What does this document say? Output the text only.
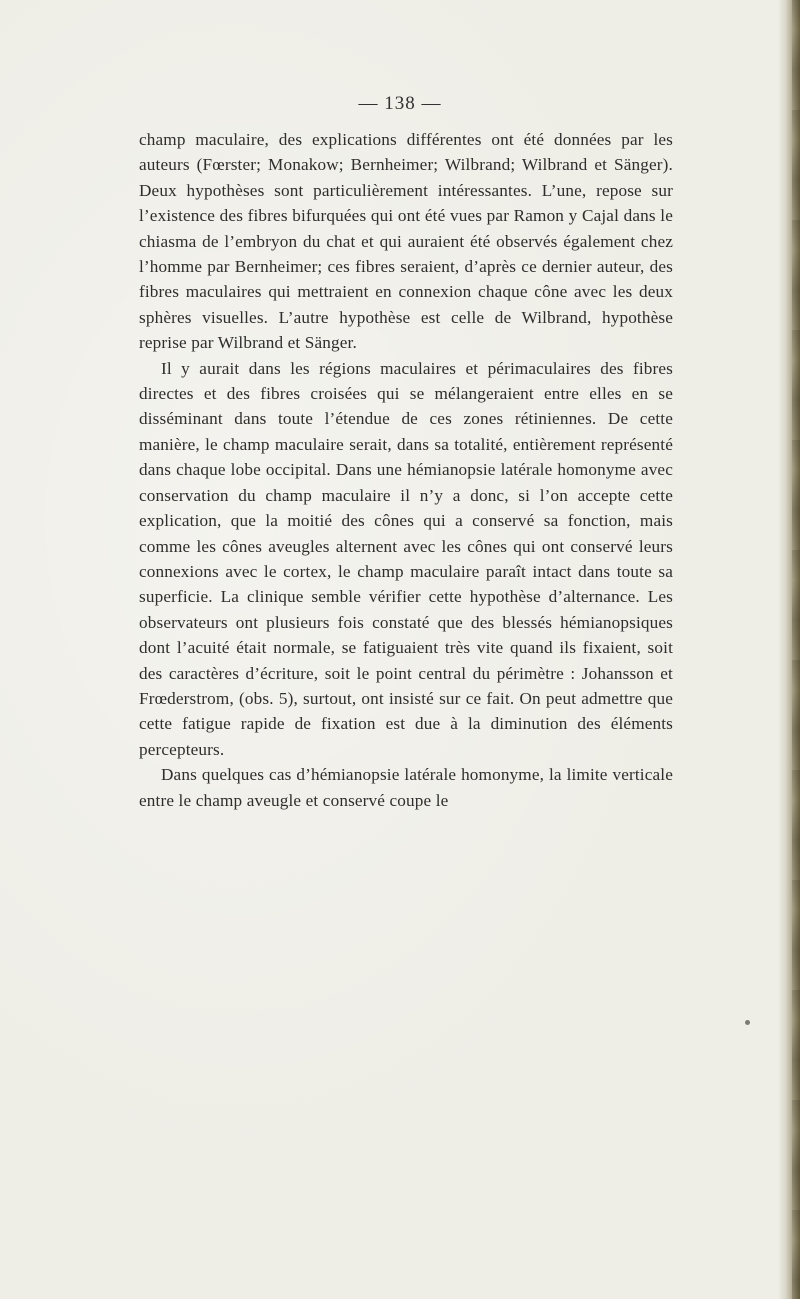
— 138 —

champ maculaire, des explications différentes ont été données par les auteurs (Fœrster; Monakow; Bernheimer; Wilbrand; Wilbrand et Sänger). Deux hypothèses sont particulièrement intéressantes. L’une, repose sur l’existence des fibres bifurquées qui ont été vues par Ramon y Cajal dans le chiasma de l’embryon du chat et qui auraient été observés également chez l’homme par Bernheimer; ces fibres seraient, d’après ce dernier auteur, des fibres maculaires qui mettraient en connexion chaque cône avec les deux sphères visuelles. L’autre hypothèse est celle de Wilbrand, hypothèse reprise par Wilbrand et Sänger.

Il y aurait dans les régions maculaires et périmaculaires des fibres directes et des fibres croisées qui se mélangeraient entre elles en se disséminant dans toute l’étendue de ces zones rétiniennes. De cette manière, le champ maculaire serait, dans sa totalité, entièrement représenté dans chaque lobe occipital. Dans une hémianopsie latérale homonyme avec conservation du champ maculaire il n’y a donc, si l’on accepte cette explication, que la moitié des cônes qui a conservé sa fonction, mais comme les cônes aveugles alternent avec les cônes qui ont conservé leurs connexions avec le cortex, le champ maculaire paraît intact dans toute sa superficie. La clinique semble vérifier cette hypothèse d’alternance. Les observateurs ont plusieurs fois constaté que des blessés hémianopsiques dont l’acuité était normale, se fatiguaient très vite quand ils fixaient, soit des caractères d’écriture, soit le point central du périmètre : Johansson et Frœderstrom, (obs. 5), surtout, ont insisté sur ce fait. On peut admettre que cette fatigue rapide de fixation est due à la diminution des éléments percepteurs.

Dans quelques cas d’hémianopsie latérale homonyme, la limite verticale entre le champ aveugle et conservé coupe le
